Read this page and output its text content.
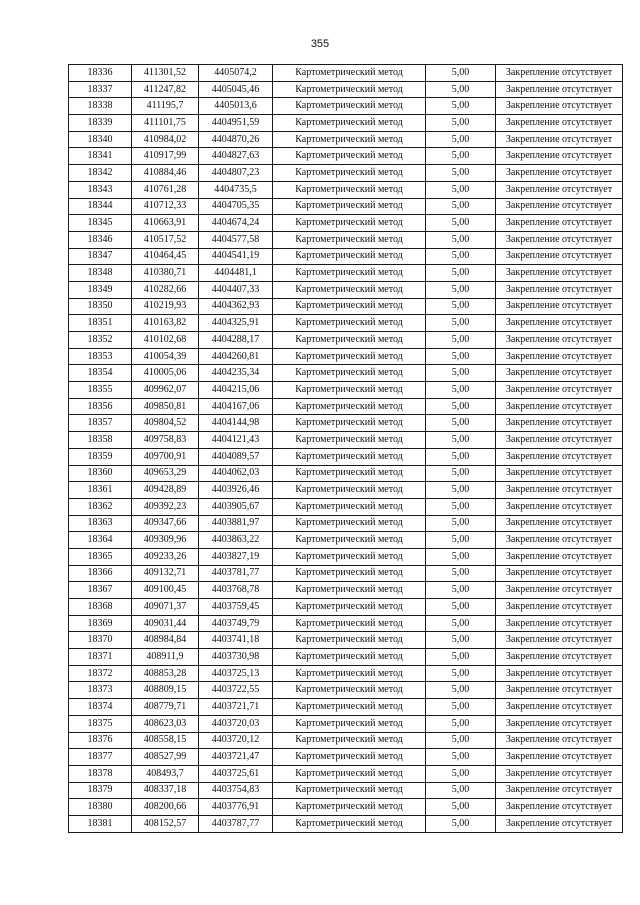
355
18336	411301,52	4405074,2	Картометрический метод	5,00	Закрепление отсутствует
18337	411247,82	4405045,46	Картометрический метод	5,00	Закрепление отсутствует
18338	411195,7	4405013,6	Картометрический метод	5,00	Закрепление отсутствует
18339	411101,75	4404951,59	Картометрический метод	5,00	Закрепление отсутствует
18340	410984,02	4404870,26	Картометрический метод	5,00	Закрепление отсутствует
18341	410917,99	4404827,63	Картометрический метод	5,00	Закрепление отсутствует
18342	410884,46	4404807,23	Картометрический метод	5,00	Закрепление отсутствует
18343	410761,28	4404735,5	Картометрический метод	5,00	Закрепление отсутствует
18344	410712,33	4404705,35	Картометрический метод	5,00	Закрепление отсутствует
18345	410663,91	4404674,24	Картометрический метод	5,00	Закрепление отсутствует
18346	410517,52	4404577,58	Картометрический метод	5,00	Закрепление отсутствует
18347	410464,45	4404541,19	Картометрический метод	5,00	Закрепление отсутствует
18348	410380,71	4404481,1	Картометрический метод	5,00	Закрепление отсутствует
18349	410282,66	4404407,33	Картометрический метод	5,00	Закрепление отсутствует
18350	410219,93	4404362,93	Картометрический метод	5,00	Закрепление отсутствует
18351	410163,82	4404325,91	Картометрический метод	5,00	Закрепление отсутствует
18352	410102,68	4404288,17	Картометрический метод	5,00	Закрепление отсутствует
18353	410054,39	4404260,81	Картометрический метод	5,00	Закрепление отсутствует
18354	410005,06	4404235,34	Картометрический метод	5,00	Закрепление отсутствует
18355	409962,07	4404215,06	Картометрический метод	5,00	Закрепление отсутствует
18356	409850,81	4404167,06	Картометрический метод	5,00	Закрепление отсутствует
18357	409804,52	4404144,98	Картометрический метод	5,00	Закрепление отсутствует
18358	409758,83	4404121,43	Картометрический метод	5,00	Закрепление отсутствует
18359	409700,91	4404089,57	Картометрический метод	5,00	Закрепление отсутствует
18360	409653,29	4404062,03	Картометрический метод	5,00	Закрепление отсутствует
18361	409428,89	4403926,46	Картометрический метод	5,00	Закрепление отсутствует
18362	409392,23	4403905,67	Картометрический метод	5,00	Закрепление отсутствует
18363	409347,66	4403881,97	Картометрический метод	5,00	Закрепление отсутствует
18364	409309,96	4403863,22	Картометрический метод	5,00	Закрепление отсутствует
18365	409233,26	4403827,19	Картометрический метод	5,00	Закрепление отсутствует
18366	409132,71	4403781,77	Картометрический метод	5,00	Закрепление отсутствует
18367	409100,45	4403768,78	Картометрический метод	5,00	Закрепление отсутствует
18368	409071,37	4403759,45	Картометрический метод	5,00	Закрепление отсутствует
18369	409031,44	4403749,79	Картометрический метод	5,00	Закрепление отсутствует
18370	408984,84	4403741,18	Картометрический метод	5,00	Закрепление отсутствует
18371	408911,9	4403730,98	Картометрический метод	5,00	Закрепление отсутствует
18372	408853,28	4403725,13	Картометрический метод	5,00	Закрепление отсутствует
18373	408809,15	4403722,55	Картометрический метод	5,00	Закрепление отсутствует
18374	408779,71	4403721,71	Картометрический метод	5,00	Закрепление отсутствует
18375	408623,03	4403720,03	Картометрический метод	5,00	Закрепление отсутствует
18376	408558,15	4403720,12	Картометрический метод	5,00	Закрепление отсутствует
18377	408527,99	4403721,47	Картометрический метод	5,00	Закрепление отсутствует
18378	408493,7	4403725,61	Картометрический метод	5,00	Закрепление отсутствует
18379	408337,18	4403754,83	Картометрический метод	5,00	Закрепление отсутствует
18380	408200,66	4403776,91	Картометрический метод	5,00	Закрепление отсутствует
18381	408152,57	4403787,77	Картометрический метод	5,00	Закрепление отсутствует
